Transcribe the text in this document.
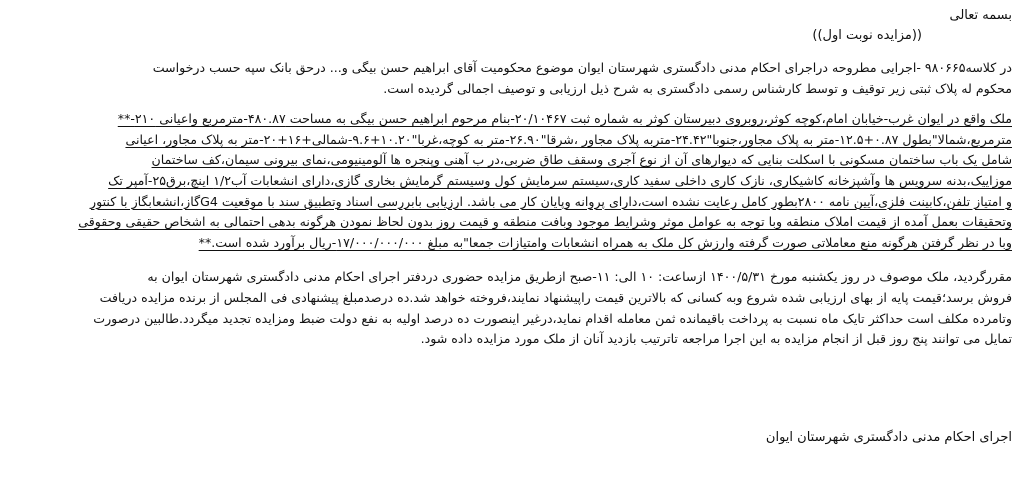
بسمه تعالی
((مزایده نوبت اول))
در کلاسه۹۸۰۶۶۵ -اجرایی مطروحه دراجرای احکام مدنی دادگستری شهرستان ایوان موضوع محکومیت آقای ابراهیم حسن بیگی و... درحق بانک سپه حسب درخواست
محکوم له پلاک ثبتی زیر توقیف و توسط کارشناس رسمی دادگستری به شرح ذیل ارزیابی و توصیف اجمالی گردیده است.
ملک واقع در ایوان غرب-خیابان امام،کوچه کوثر،روبروی دبیرستان کوثر به شماره ثبت ۲۰/۱۰۴۶۷-بنام مرحوم ابراهیم حسن بیگی به مساحت ۴۸۰.۸۷-مترمربع واعیانی ۲۱۰-**
مترمربع،شمالا"بطول ۰.۸۷+۱۲.۵-متر به پلاک مجاور،جنوبا"۲۴.۴۲-متربه پلاک مجاور ،شرقا"۲۶.۹۰-متر به کوچه،غربا"۱۰.۲۰+۹.۶-شمالی+۱۶+۲۰-متر به پلاک مجاور، اعیانی
شامل یک باب ساختمان مسکونی با اسکلت بنایی که دیوارهای آن از نوع آجری وسقف طاق ضربی،در ب آهنی وپنجره ها آلومینیومی،نمای بیرونی سیمان،کف ساختمان
موزاییک،بدنه سرویس ها وآشپزخانه کاشیکاری، نازک کاری داخلی سفید کاری،سیستم سرمایش کول وسیستم گرمایش بخاری گازی،دارای انشعابات آب۱/۲ اینچ،برق۲۵-آمپر تک
و امتیاز تلفن،کابینت فلزی،آیین نامه ۲۸۰۰بطور کامل رعایت نشده است،دارای پروانه وپایان کار می باشد. ارزیابی بابررسی اسناد وتطبیق سند با موقعیت G4گاز،انشعابگاز با کنتور
وتحقیقات بعمل آمده از قیمت املاک منطقه وبا توجه به عوامل موثر وشرایط موجود وبافت منطقه و قیمت روز بدون لحاظ نمودن هرگونه بدهی احتمالی به اشخاص حقیقی وحقوقی
وبا در نظر گرفتن هرگونه منع معاملاتی صورت گرفته وارزش کل ملک به همراه انشعابات وامتیازات جمعا"به مبلغ ۱۷/۰۰۰/۰۰۰/۰۰۰-ریال برآورد شده است.**
مقررگردید، ملک موصوف در روز یکشنبه مورخ ۱۴۰۰/۵/۳۱ ازساعت: ۱۰ الی: ۱۱-صبح ازطریق مزایده حضوری دردفتر اجرای احکام مدنی دادگستری شهرستان ایوان به
فروش برسد؛قیمت پایه از بهای ارزیابی شده شروع وبه کسانی که بالاترین قیمت راپیشنهاد نمایند،فروخته خواهد شد.ده درصدمبلغ پیشنهادی فی المجلس از برنده مزایده دریافت
وتامرده مکلف است حداکثر تایک ماه نسبت به پرداخت باقیمانده ثمن معامله اقدام نماید،درغیر اینصورت ده درصد اولیه به نفع دولت ضبط ومزایده تجدید میگردد.طالبین درصورت
تمایل می توانند پنج روز قبل از انجام مزایده به این اجرا مراجعه تاترتیب بازدید آنان از ملک مورد مزایده داده شود.
اجرای احکام مدنی دادگستری شهرستان ایوان
